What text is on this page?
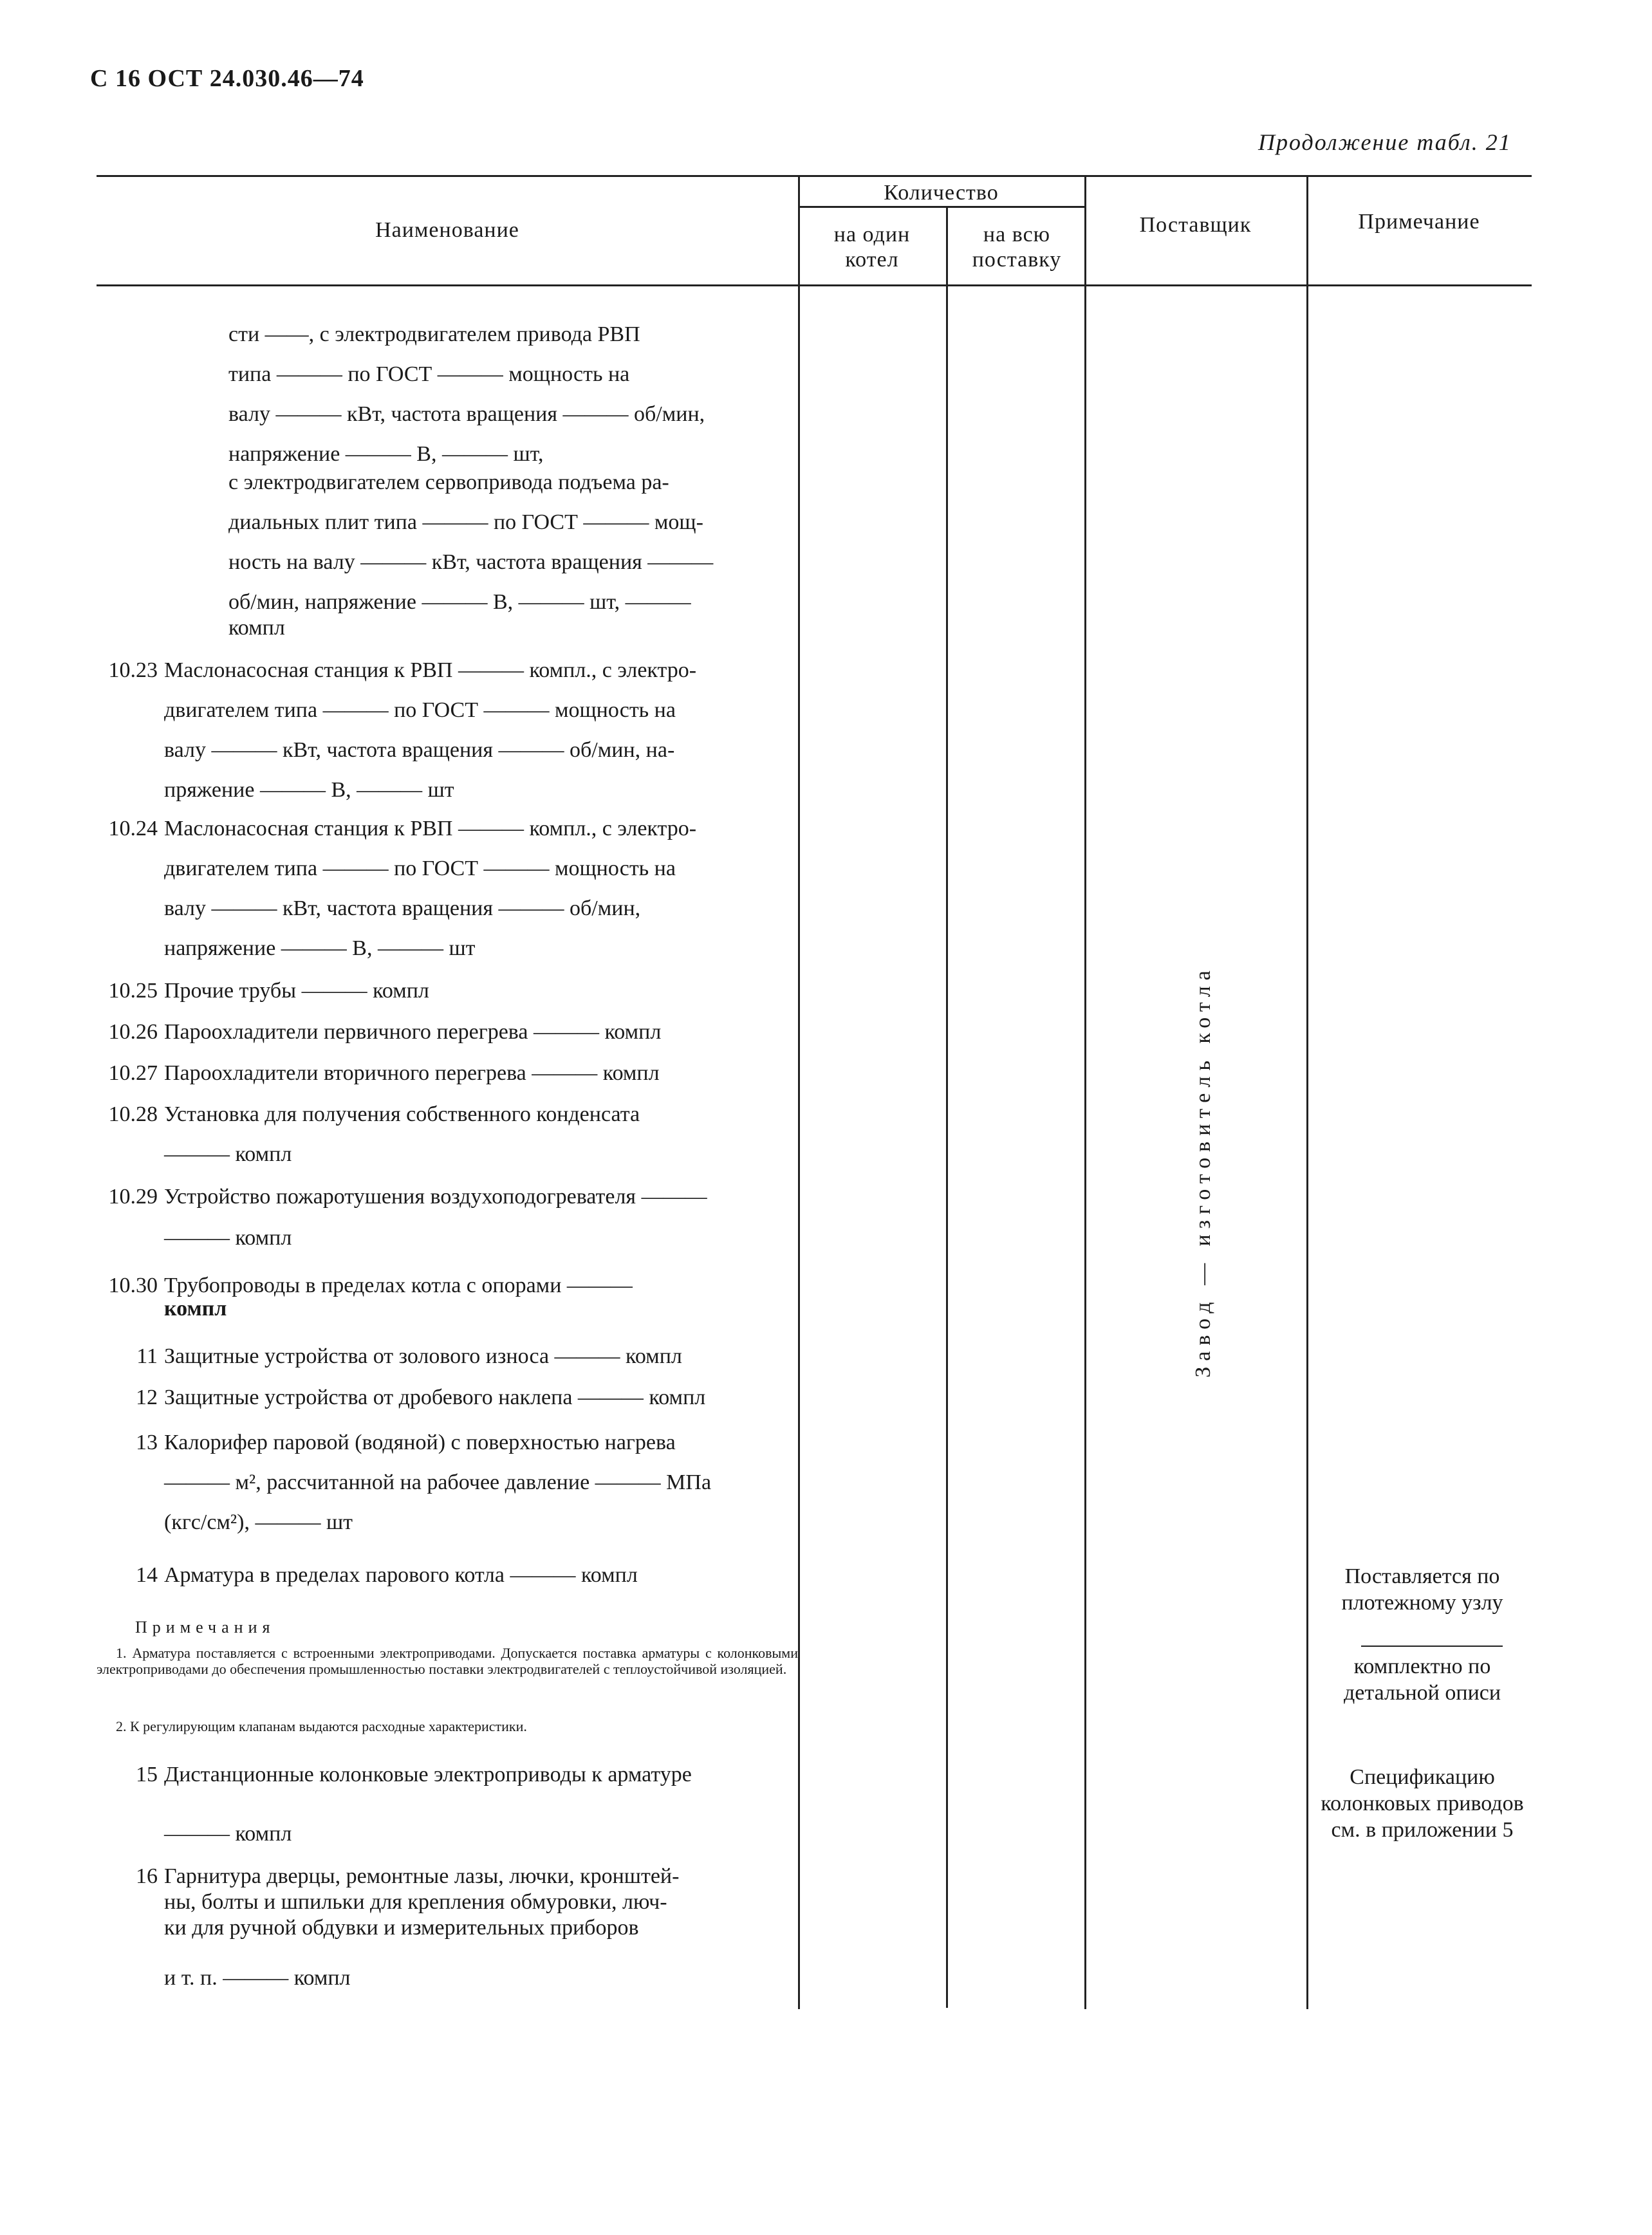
С 16 ОСТ 24.030.46—74
Продолжение табл. 21
Наименование
Количество
на один котел
на всю поставку
Поставщик	Примечание
сти ——, с электродвигателем привода РВП
типа ——— по ГОСТ ——— мощность на
валу ——— кВт, частота вращения ——— об/мин,
напряжение ——— В, ——— шт,
с электродвигателем сервопривода подъема ра-
диальных плит типа ——— по ГОСТ ——— мощ-
ность на валу ——— кВт, частота вращения ———
об/мин, напряжение ——— В, ——— шт, ———
компл
10.23 Маслонасосная станция к РВП ——— компл., с электро-
двигателем типа ——— по ГОСТ ——— мощность на
валу ——— кВт, частота вращения ——— об/мин, на-
пряжение ——— В, ——— шт
10.24 Маслонасосная станция к РВП ——— компл., с электро-
двигателем типа ——— по ГОСТ ——— мощность на
валу ——— кВт, частота вращения ——— об/мин,
напряжение ——— В, ——— шт
10.25 Прочие трубы ——— компл
10.26 Пароохладители первичного перегрева ——— компл
10.27 Пароохладители вторичного перегрева ——— компл
10.28 Установка для получения собственного конденсата
——— компл
10.29 Устройство пожаротушения воздухоподогревателя ———
——— компл
10.30 Трубопроводы в пределах котла с опорами ———
компл
11 Защитные устройства от золового износа ——— компл
12 Защитные устройства от дробевого наклепа ——— компл
13 Калорифер паровой (водяной) с поверхностью нагрева
——— м², рассчитанной на рабочее давление ——— МПа
(кгс/см²), ——— шт
14 Арматура в пределах парового котла ——— компл
Примечания
1. Арматура поставляется с встроенными электроприводами. Допускается поставка арматуры с колонковыми электроприводами до обеспечения промышленностью поставки электродвигателей с теплоустойчивой изоляцией.
2. К регулирующим клапанам выдаются расходные характеристики.
15 Дистанционные колонковые электроприводы к арматуре
——— компл
16 Гарнитура дверцы, ремонтные лазы, лючки, кронштей-
ны, болты и шпильки для крепления обмуровки, люч-
ки для ручной обдувки и измерительных приборов
и т. п. ——— компл
Завод — изготовитель котла
Поставляется по плотежному узлу
комплектно по детальной описи
Спецификацию колонковых приводов см. в приложении 5
